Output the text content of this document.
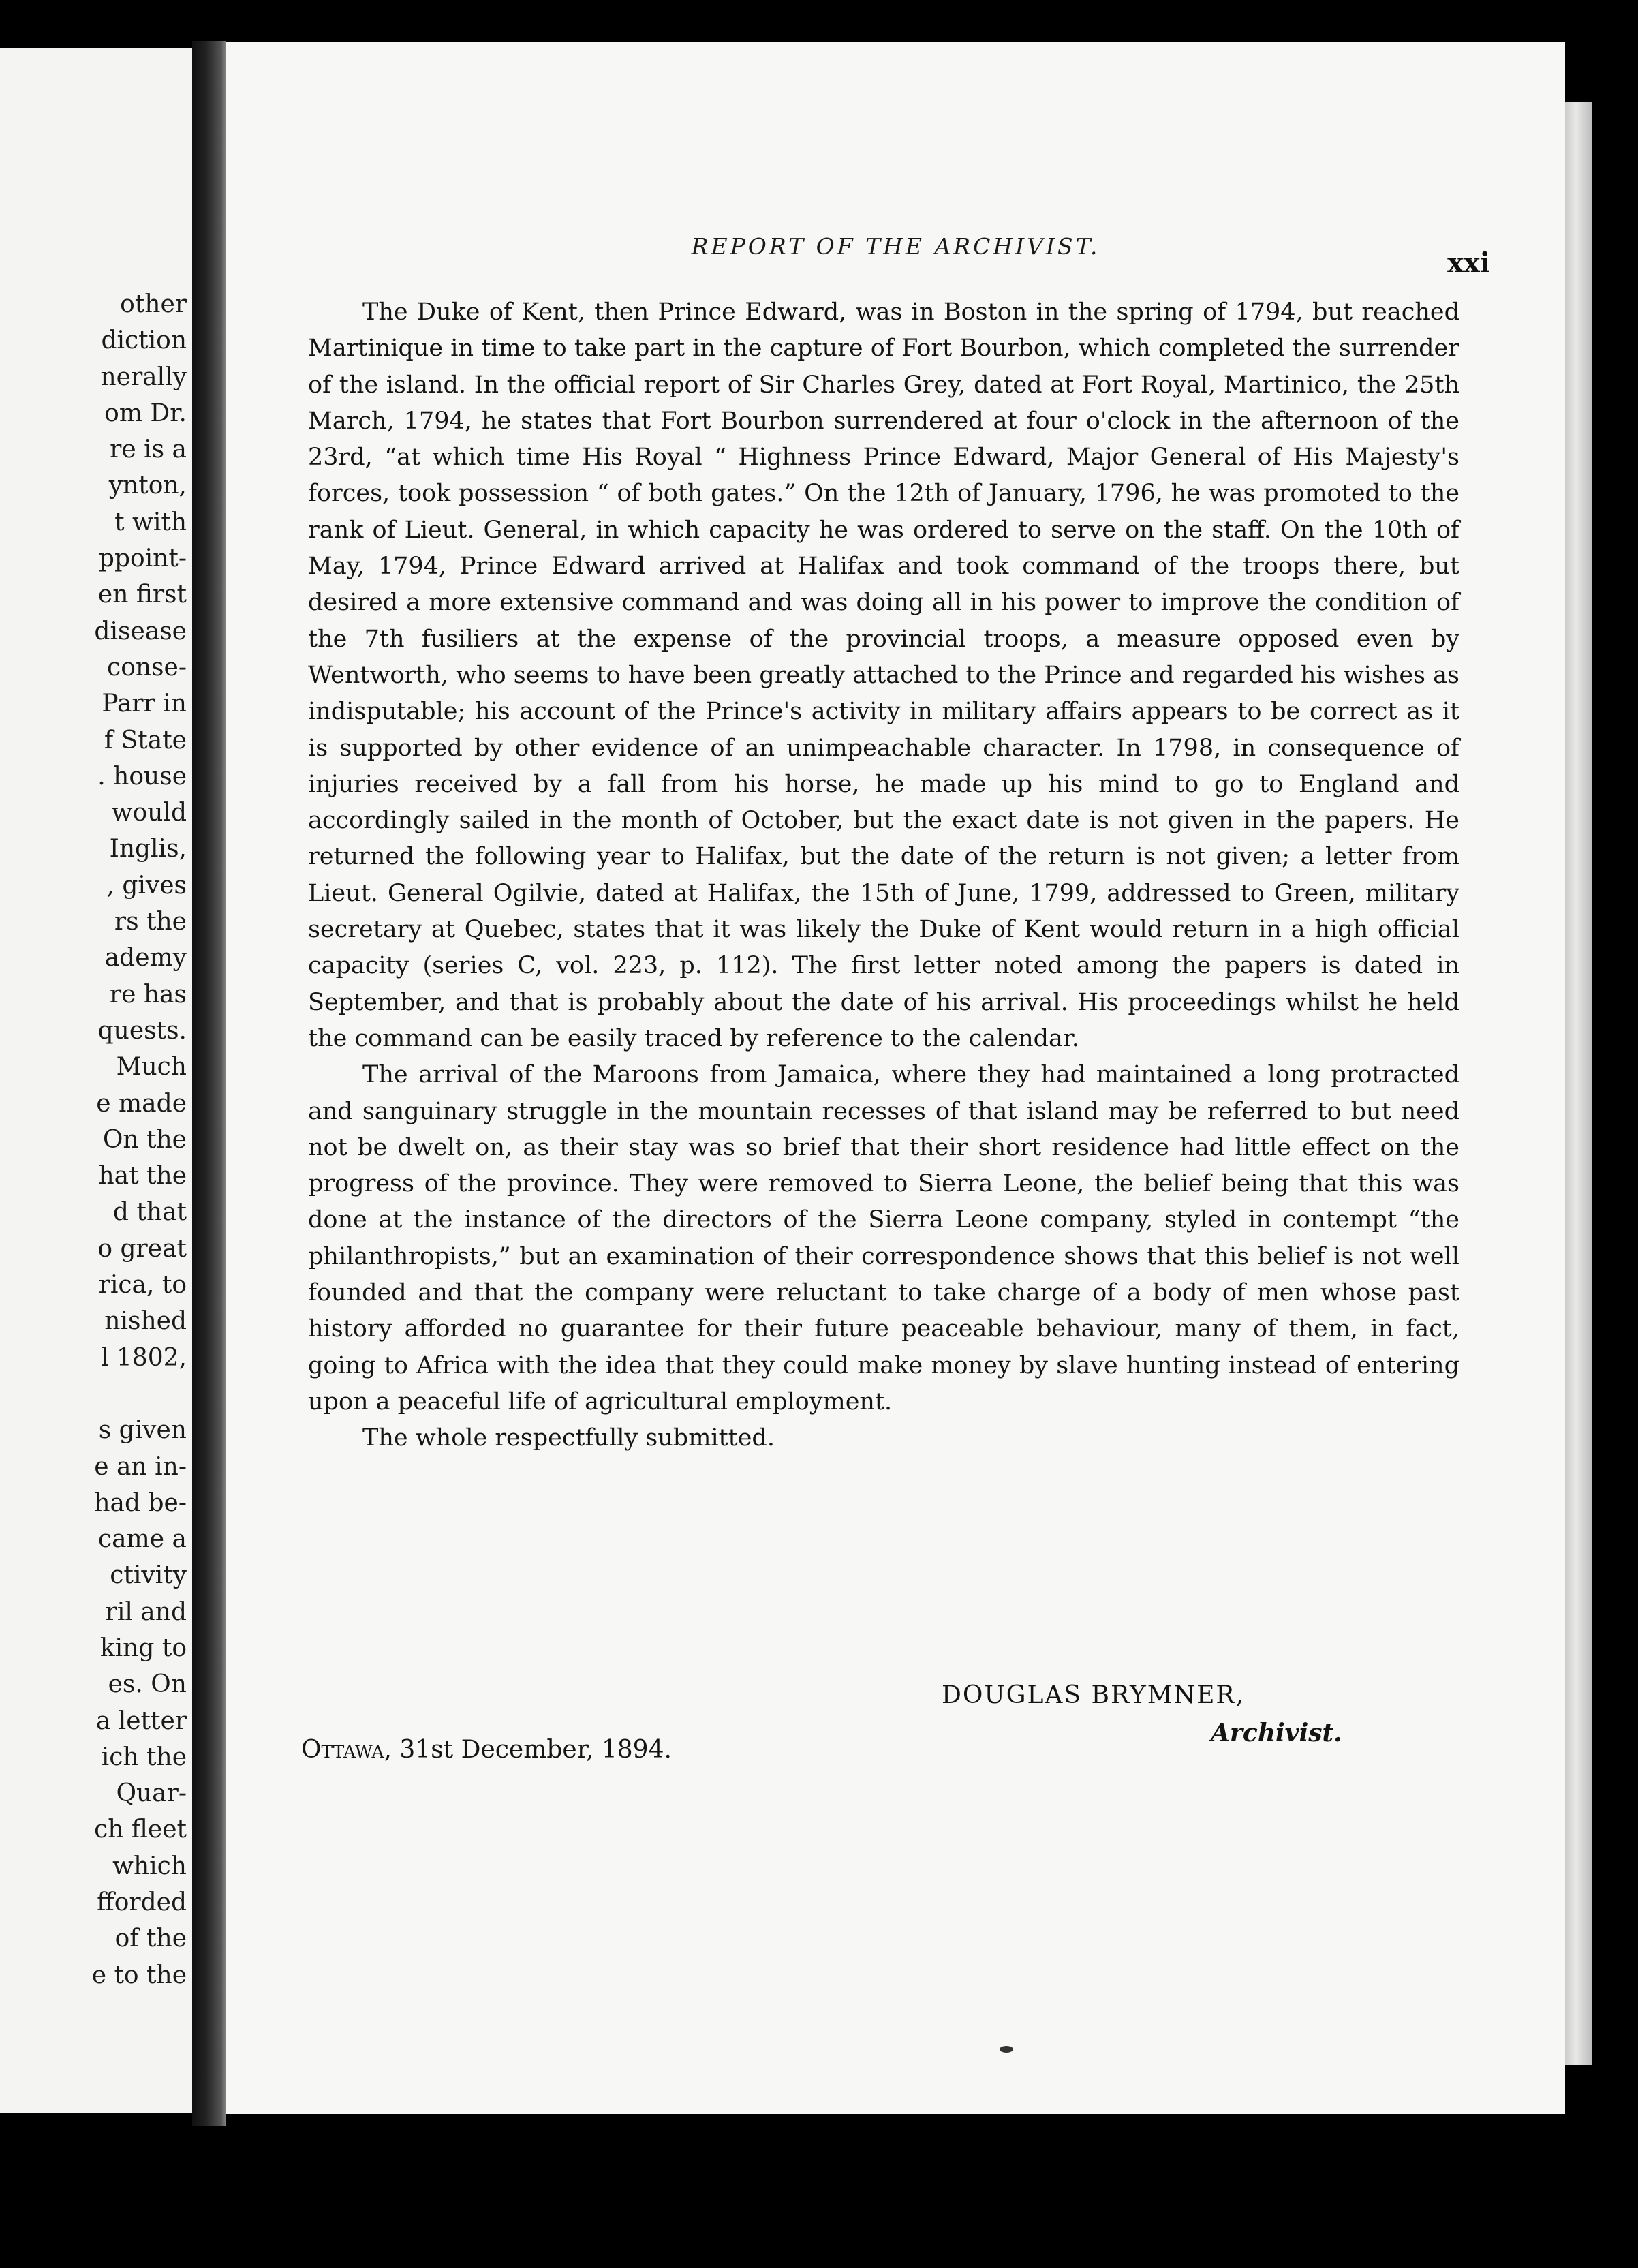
other
diction
nerally
om Dr.
re is a
ynton,
t with
ppoint-
en first
disease
conse-
Parr in
f State
. house
would
Inglis,
, gives
rs the
ademy
re has
quests.
Much
e made
On the
hat the
d that
o great
rica, to
nished
l 1802,
s given
e an in-
had be-
came a
ctivity
ril and
king to
es. On
a letter
ich the
Quar-
ch fleet
which
fforded
of the
e to the
REPORT OF THE ARCHIVIST.
xxi

The Duke of Kent, then Prince Edward, was in Boston in the spring of 1794, but reached Martinique in time to take part in the capture of Fort Bourbon, which completed the surrender of the island. In the official report of Sir Charles Grey, dated at Fort Royal, Martinico, the 25th March, 1794, he states that Fort Bourbon surrendered at four o'clock in the afternoon of the 23rd, “at which time His Royal “ Highness Prince Edward, Major General of His Majesty's forces, took possession “ of both gates.” On the 12th of January, 1796, he was promoted to the rank of Lieut. General, in which capacity he was ordered to serve on the staff. On the 10th of May, 1794, Prince Edward arrived at Halifax and took command of the troops there, but desired a more extensive command and was doing all in his power to improve the condition of the 7th fusiliers at the expense of the provincial troops, a measure opposed even by Wentworth, who seems to have been greatly attached to the Prince and regarded his wishes as indisputable; his account of the Prince's activity in military affairs appears to be correct as it is supported by other evidence of an unimpeachable character. In 1798, in consequence of injuries received by a fall from his horse, he made up his mind to go to England and accordingly sailed in the month of October, but the exact date is not given in the papers. He returned the following year to Halifax, but the date of the return is not given; a letter from Lieut. General Ogilvie, dated at Halifax, the 15th of June, 1799, addressed to Green, military secretary at Quebec, states that it was likely the Duke of Kent would return in a high official capacity (series C, vol. 223, p. 112). The first letter noted among the papers is dated in September, and that is probably about the date of his arrival. His proceedings whilst he held the command can be easily traced by reference to the calendar.

The arrival of the Maroons from Jamaica, where they had maintained a long protracted and sanguinary struggle in the mountain recesses of that island may be referred to but need not be dwelt on, as their stay was so brief that their short residence had little effect on the progress of the province. They were removed to Sierra Leone, the belief being that this was done at the instance of the directors of the Sierra Leone company, styled in contempt “the philanthropists,” but an examination of their correspondence shows that this belief is not well founded and that the company were reluctant to take charge of a body of men whose past history afforded no guarantee for their future peaceable behaviour, many of them, in fact, going to Africa with the idea that they could make money by slave hunting instead of entering upon a peaceful life of agricultural employment.

The whole respectfully submitted.

DOUGLAS BRYMNER,
Archivist.
Ottawa, 31st December, 1894.
